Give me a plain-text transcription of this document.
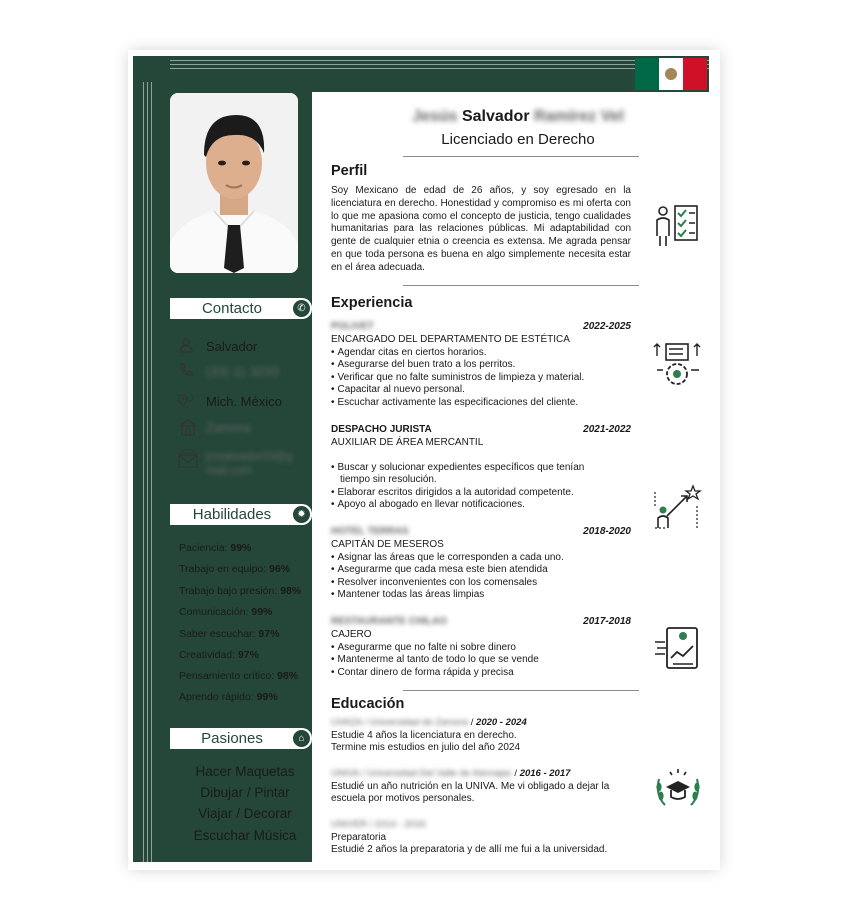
Contacto	✆
Salvador
(33) 11 3233
Mich. México
Zamora
jrzsalvador33@gmail.com
Habilidades	✹
Paciencia: 99%
Trabajo en equipo: 96%
Trabajo bajo presión: 98%
Comunicación: 99%
Saber escuchar: 97%
Creatividad: 97%
Pensamiento crítico: 98%
Aprendo rápido: 99%
Pasiones	⌂
Hacer Maquetas
Dibujar / Pintar
Viajar / Decorar
Escuchar Música
Jesús Salvador Ramírez Vel
Licenciado en Derecho
Perfil
Soy Mexicano de edad de 26 años, y soy egresado en la licenciatura en derecho. Honestidad y compromiso es mi oferta con lo que me apasiona como el concepto de justicia, tengo cualidades humanitarias para las relaciones públicas. Mi adaptabilidad con gente de cualquier etnia o creencia es extensa. Me agrada pensar en que toda persona es buena en algo simplemente necesita estar en el área adecuada.
Experiencia
POLIVET	2022-2025
ENCARGADO DEL DEPARTAMENTO DE ESTÉTICA
• Agendar citas en ciertos horarios.
• Asegurarse del buen trato a los perritos.
• Verificar que no falte suministros de limpieza y material.
• Capacitar al nuevo personal.
• Escuchar activamente las especificaciones del cliente.
DESPACHO JURISTA	2021-2022
AUXILIAR DE ÁREA MERCANTIL
• Buscar y solucionar expedientes específicos que tenían tiempo sin resolución.
• Elaborar escritos dirigidos a la autoridad competente.
• Apoyo al abogado en llevar notificaciones.
HOTEL TERRAS	2018-2020
CAPITÁN DE MESEROS
• Asignar las áreas que le corresponden a cada uno.
• Asegurarme que cada mesa este bien atendida
• Resolver inconvenientes con los comensales
• Mantener todas las áreas limpias
RESTAURANTE CHILAO	2017-2018
CAJERO
• Asegurarme que no falte ni sobre dinero
• Mantenerme al tanto de todo lo que se vende
• Contar dinero de forma rápida y precisa
Educación
UVAZA / Universidad de Zamora / 2020 - 2024
Estudie 4 años la licenciatura en derecho.
Termine mis estudios en julio del año 2024
UNIVA / Universidad Del Valle de Atemajac / 2016 - 2017
Estudié un año nutrición en la UNIVA. Me vi obligado a dejar la escuela por motivos personales.
UNIVER / 2014 - 2016
Preparatoria
Estudié 2 años la preparatoria y de allí me fui a la universidad.
